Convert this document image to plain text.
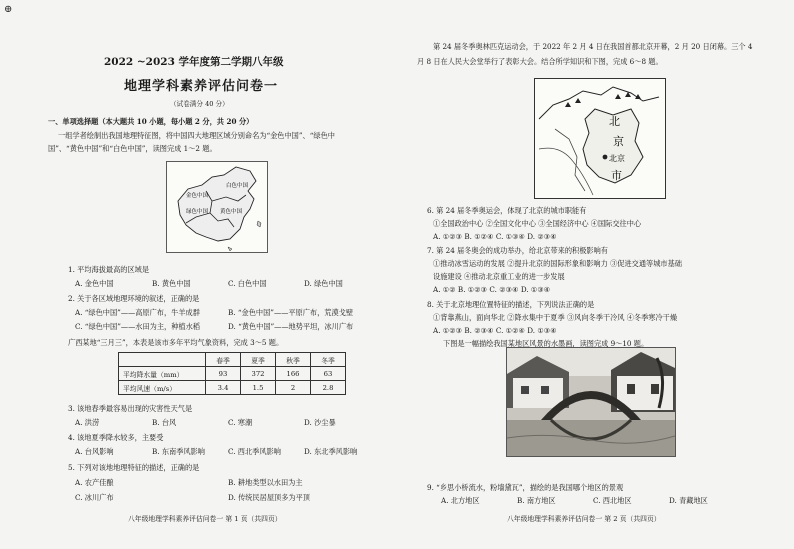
⊕
2022 ~2023 学年度第二学期八年级
地理学科素养评估问卷一
（试卷满分 40 分）
一、单项选择题（本大题共 10 小题，每小题 2 分，共 20 分）
一组学者绘制出我国地理特征图，将中国四大地理区域分别命名为“金色中国”、“绿色中
国”、“黄色中国”和“白色中国”，读图完成 1～2 题。
金色中国
白色中国
绿色中国 黄色中国
1. 平均海拔最高的区域是
A. 金色中国	B. 黄色中国	C. 白色中国	D. 绿色中国
2. 关于各区域地理环境的叙述，正确的是
A. “绿色中国”——高原广布，牛羊成群	B. “金色中国”——平原广布，荒漠戈壁
C. “绿色中国”——水田为主，种植水稻	D. “黄色中国”——地势平坦，冰川广布
广西某地“三月三”，本表是该市多年平均气象资料，完成 3～5 题。
	春季	夏季	秋季	冬季
平均降水量（mm）	93	372	166	63
平均风速（m/s）	3.4	1.5	2	2.8
3. 该地春季最容易出现的灾害性天气是
A. 洪涝	B. 台风	C. 寒潮	D. 沙尘暴
4. 该地夏季降水较多，主要受
A. 台风影响	B. 东南季风影响	C. 西北季风影响	D. 东北季风影响
5. 下列对该地地理特征的描述，正确的是
A. 农产佳酿	B. 耕地类型以水田为主
C. 冰川广布	D. 传统民居屋顶多为平顶
八年级地理学科素养评估问卷一 第 1 页（共四页）
第 24 届冬季奥林匹克运动会，于 2022 年 2 月 4 日在我国首都北京开幕，2 月 20 日闭幕。三个 4
月 8 日在人民大会堂举行了表彰大会。结合所学知识和下图，完成 6～8 题。
北
京
北京
市
6. 第 24 届冬季奥运会，体现了北京的城市职能有
①全国政治中心 ②全国文化中心 ③全国经济中心 ④国际交往中心
A. ①②③ B. ①②④ C. ①③④ D. ②③④
7. 第 24 届冬奥会的成功举办，给北京带来的积极影响有
①推动冰雪运动的发展 ②提升北京的国际形象和影响力 ③促进交通等城市基础
设施建设 ④推动北京重工业的进一步发展
A. ①② B. ①②③ C. ②③④ D. ①③④
8. 关于北京地理位置特征的描述，下列说法正确的是
①背靠燕山，面向华北 ②降水集中于夏季 ③风向冬季干冷风 ④冬季寒冷干燥
A. ①②③ B. ②③④ C. ①②④ D. ①③④
下图是一幅描绘我国某地区风景的水墨画，读图完成 9～10 题。
9. “乡思小桥流水，粉墙黛瓦”，描绘的是我国哪个地区的景观
A. 北方地区	B. 南方地区	C. 西北地区	D. 青藏地区
八年级地理学科素养评估问卷一 第 2 页（共四页）
